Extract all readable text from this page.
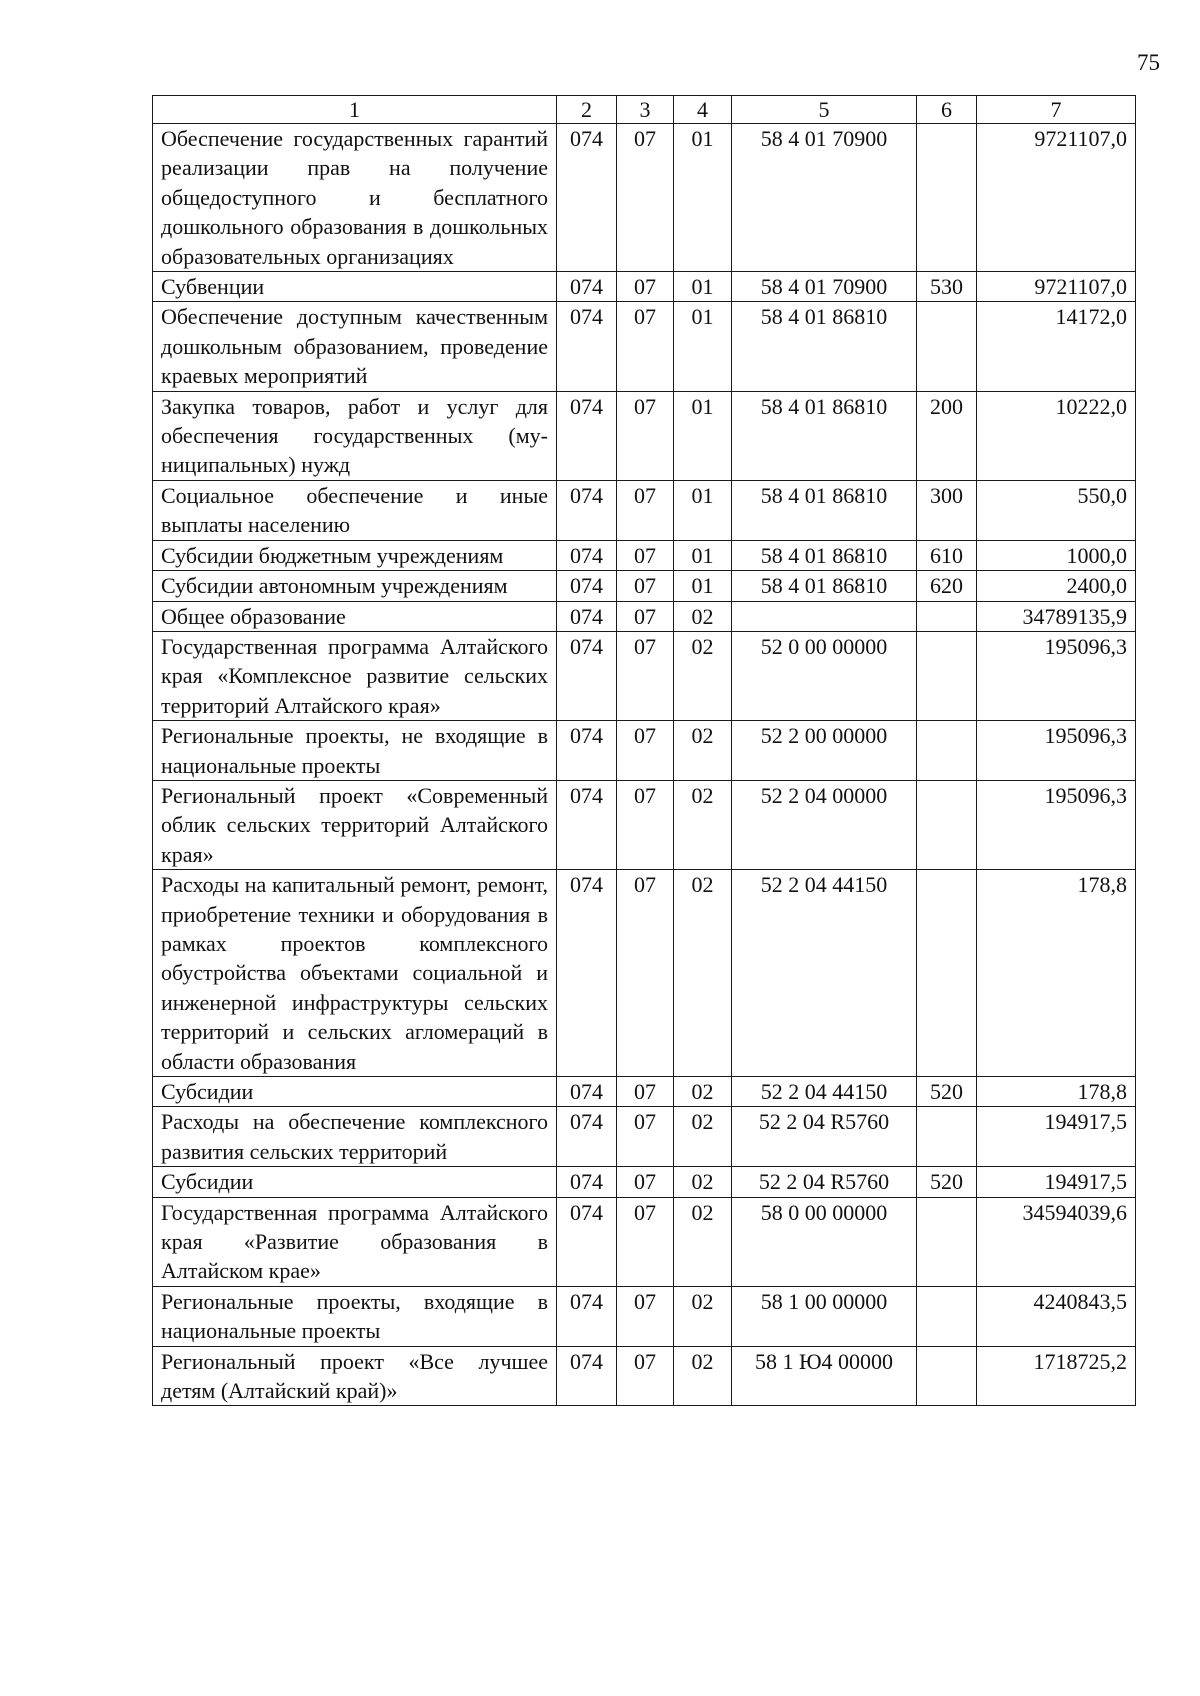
75
1	2	3	4	5	6	7
Обеспечение государственных гарантий реализации прав на получение общедоступного и бесплатного дошкольного образования в дошкольных образовательных организациях	074	07	01	58 4 01 70900		9721107,0
Субвенции	074	07	01	58 4 01 70900	530	9721107,0
Обеспечение доступным качественным дошкольным образованием, проведение краевых мероприятий	074	07	01	58 4 01 86810		14172,0
Закупка товаров, работ и услуг для обеспечения государственных (муниципальных) нужд	074	07	01	58 4 01 86810	200	10222,0
Социальное обеспечение и иные выплаты населению	074	07	01	58 4 01 86810	300	550,0
Субсидии бюджетным учреждениям	074	07	01	58 4 01 86810	610	1000,0
Субсидии автономным учреждениям	074	07	01	58 4 01 86810	620	2400,0
Общее образование	074	07	02			34789135,9
Государственная программа Алтайского края «Комплексное развитие сельских территорий Алтайского края»	074	07	02	52 0 00 00000		195096,3
Региональные проекты, не входящие в национальные проекты	074	07	02	52 2 00 00000		195096,3
Региональный проект «Современный облик сельских территорий Алтайского края»	074	07	02	52 2 04 00000		195096,3
Расходы на капитальный ремонт, ремонт, приобретение техники и оборудования в рамках проектов комплексного обустройства объектами социальной и инженерной инфраструктуры сельских территорий и сельских агломераций в области образования	074	07	02	52 2 04 44150		178,8
Субсидии	074	07	02	52 2 04 44150	520	178,8
Расходы на обеспечение комплексного развития сельских территорий	074	07	02	52 2 04 R5760		194917,5
Субсидии	074	07	02	52 2 04 R5760	520	194917,5
Государственная программа Алтайского края «Развитие образования в Алтайском крае»	074	07	02	58 0 00 00000		34594039,6
Региональные проекты, входящие в национальные проекты	074	07	02	58 1 00 00000		4240843,5
Региональный проект «Все лучшее детям (Алтайский край)»	074	07	02	58 1 Ю4 00000		1718725,2
